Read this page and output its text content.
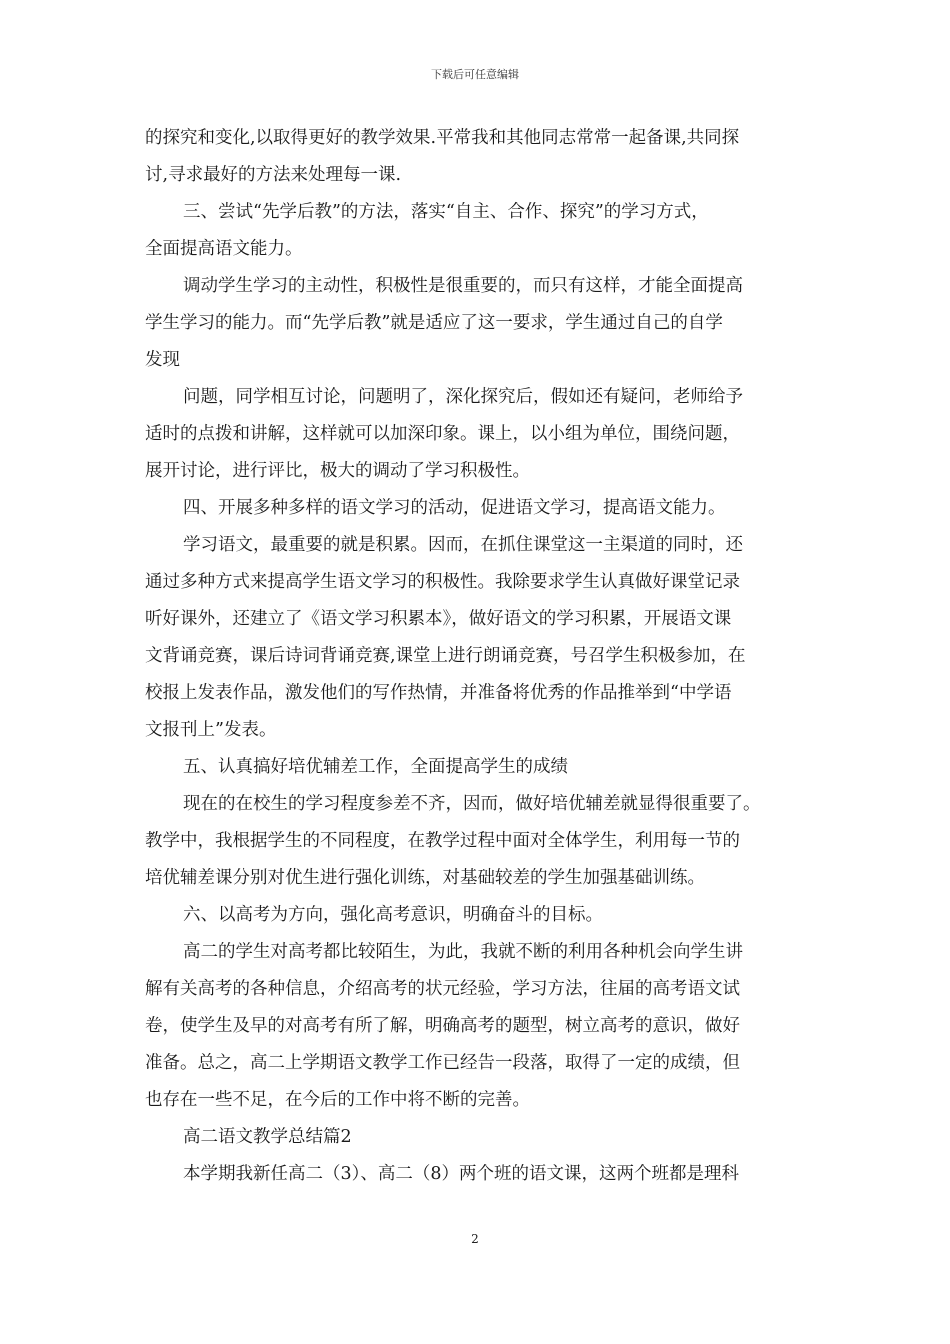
下载后可任意编辑
的探究和变化,以取得更好的教学效果.平常我和其他同志常常一起备课,共同探
讨,寻求最好的方法来处理每一课.
三、尝试“先学后教”的方法，落实“自主、合作、探究”的学习方式，
全面提高语文能力。
调动学生学习的主动性，积极性是很重要的，而只有这样，才能全面提高
学生学习的能力。而“先学后教”就是适应了这一要求，学生通过自己的自学
发现
问题，同学相互讨论，问题明了，深化探究后，假如还有疑问，老师给予
适时的点拨和讲解，这样就可以加深印象。课上，以小组为单位，围绕问题，
展开讨论，进行评比，极大的调动了学习积极性。
四、开展多种多样的语文学习的活动，促进语文学习，提高语文能力。
学习语文，最重要的就是积累。因而，在抓住课堂这一主渠道的同时，还
通过多种方式来提高学生语文学习的积极性。我除要求学生认真做好课堂记录
听好课外，还建立了《语文学习积累本》，做好语文的学习积累，开展语文课
文背诵竞赛，课后诗词背诵竞赛,课堂上进行朗诵竞赛，号召学生积极参加，在
校报上发表作品，激发他们的写作热情，并准备将优秀的作品推举到“中学语
文报刊上”发表。
五、认真搞好培优辅差工作，全面提高学生的成绩
现在的在校生的学习程度参差不齐，因而，做好培优辅差就显得很重要了。
教学中，我根据学生的不同程度，在教学过程中面对全体学生，利用每一节的
培优辅差课分别对优生进行强化训练，对基础较差的学生加强基础训练。
六、以高考为方向，强化高考意识，明确奋斗的目标。
高二的学生对高考都比较陌生，为此，我就不断的利用各种机会向学生讲
解有关高考的各种信息，介绍高考的状元经验，学习方法，往届的高考语文试
卷，使学生及早的对高考有所了解，明确高考的题型，树立高考的意识，做好
准备。总之，高二上学期语文教学工作已经告一段落，取得了一定的成绩，但
也存在一些不足，在今后的工作中将不断的完善。
高二语文教学总结篇2
本学期我新任高二（3）、高二（8）两个班的语文课，这两个班都是理科
2
